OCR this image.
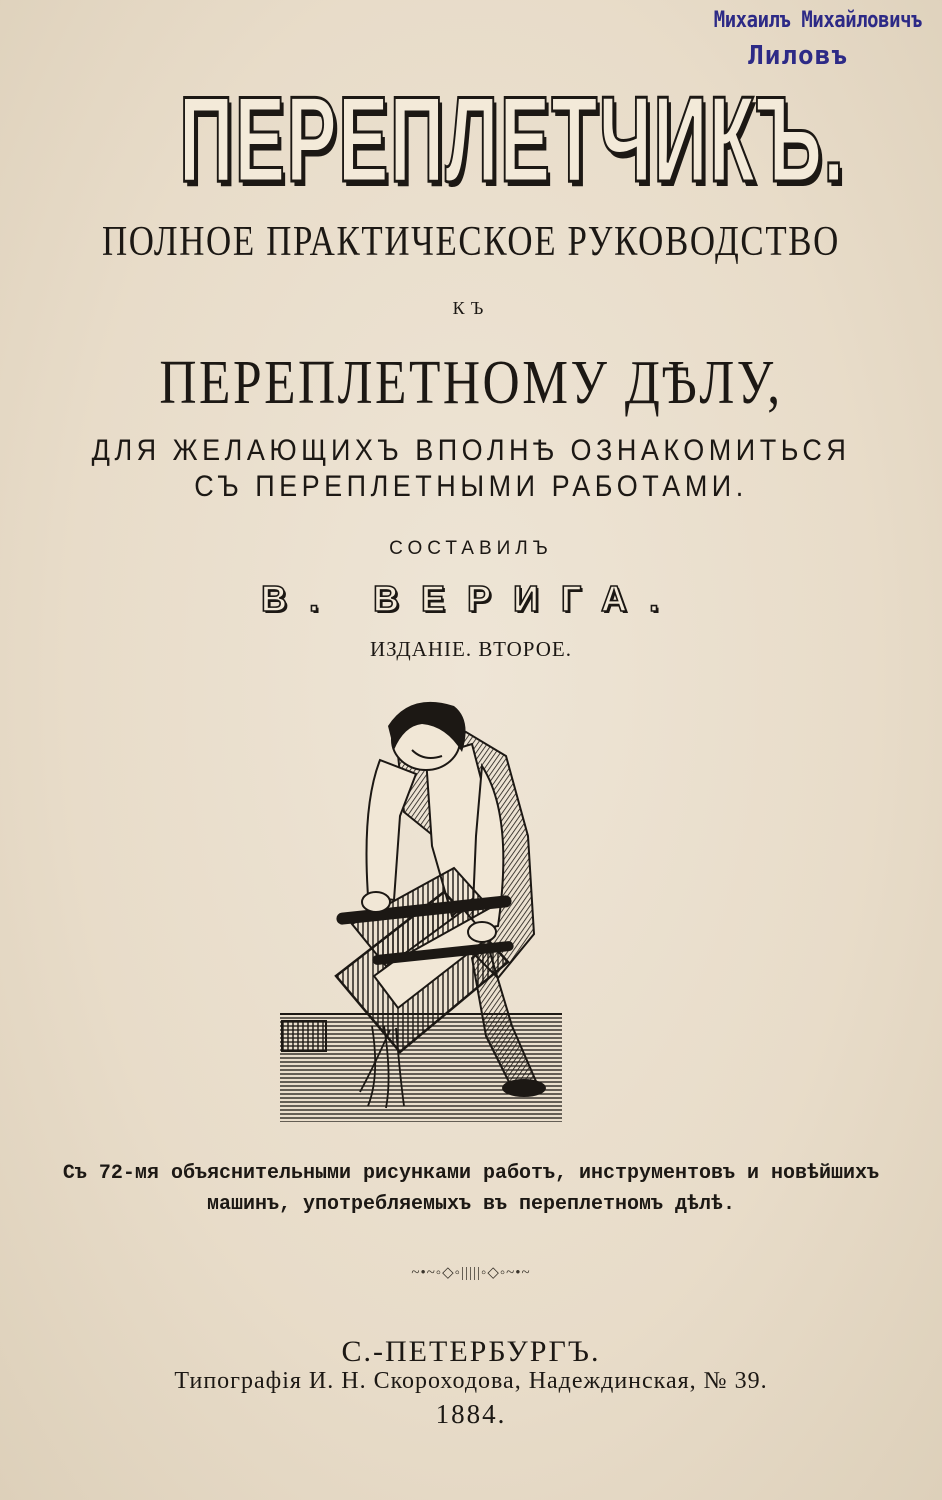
Михаилъ Михайловичъ
Лиловъ
ПЕРЕПЛЕТЧИКЪ.
ПОЛНОЕ ПРАКТИЧЕСКОЕ РУКОВОДСТВО
КЪ
ПЕРЕПЛЕТНОМУ ДѢЛУ,
ДЛЯ ЖЕЛАЮЩИХЪ ВПОЛНѢ ОЗНАКОМИТЬСЯ
СЪ ПЕРЕПЛЕТНЫМИ РАБОТАМИ.
СОСТАВИЛЪ
В. ВЕРИГА.
ИЗДАНІЕ. ВТОРОЕ.
Съ 72-мя объяснительными рисунками работъ, инструментовъ и новѣйшихъ
машинъ, употребляемыхъ въ переплетномъ дѣлѣ.
~•~◦◇◦|||||◦◇◦~•~
С.-ПЕТЕРБУРГЪ.
Типографія И. Н. Скороходова, Надеждинская, № 39.
1884.
